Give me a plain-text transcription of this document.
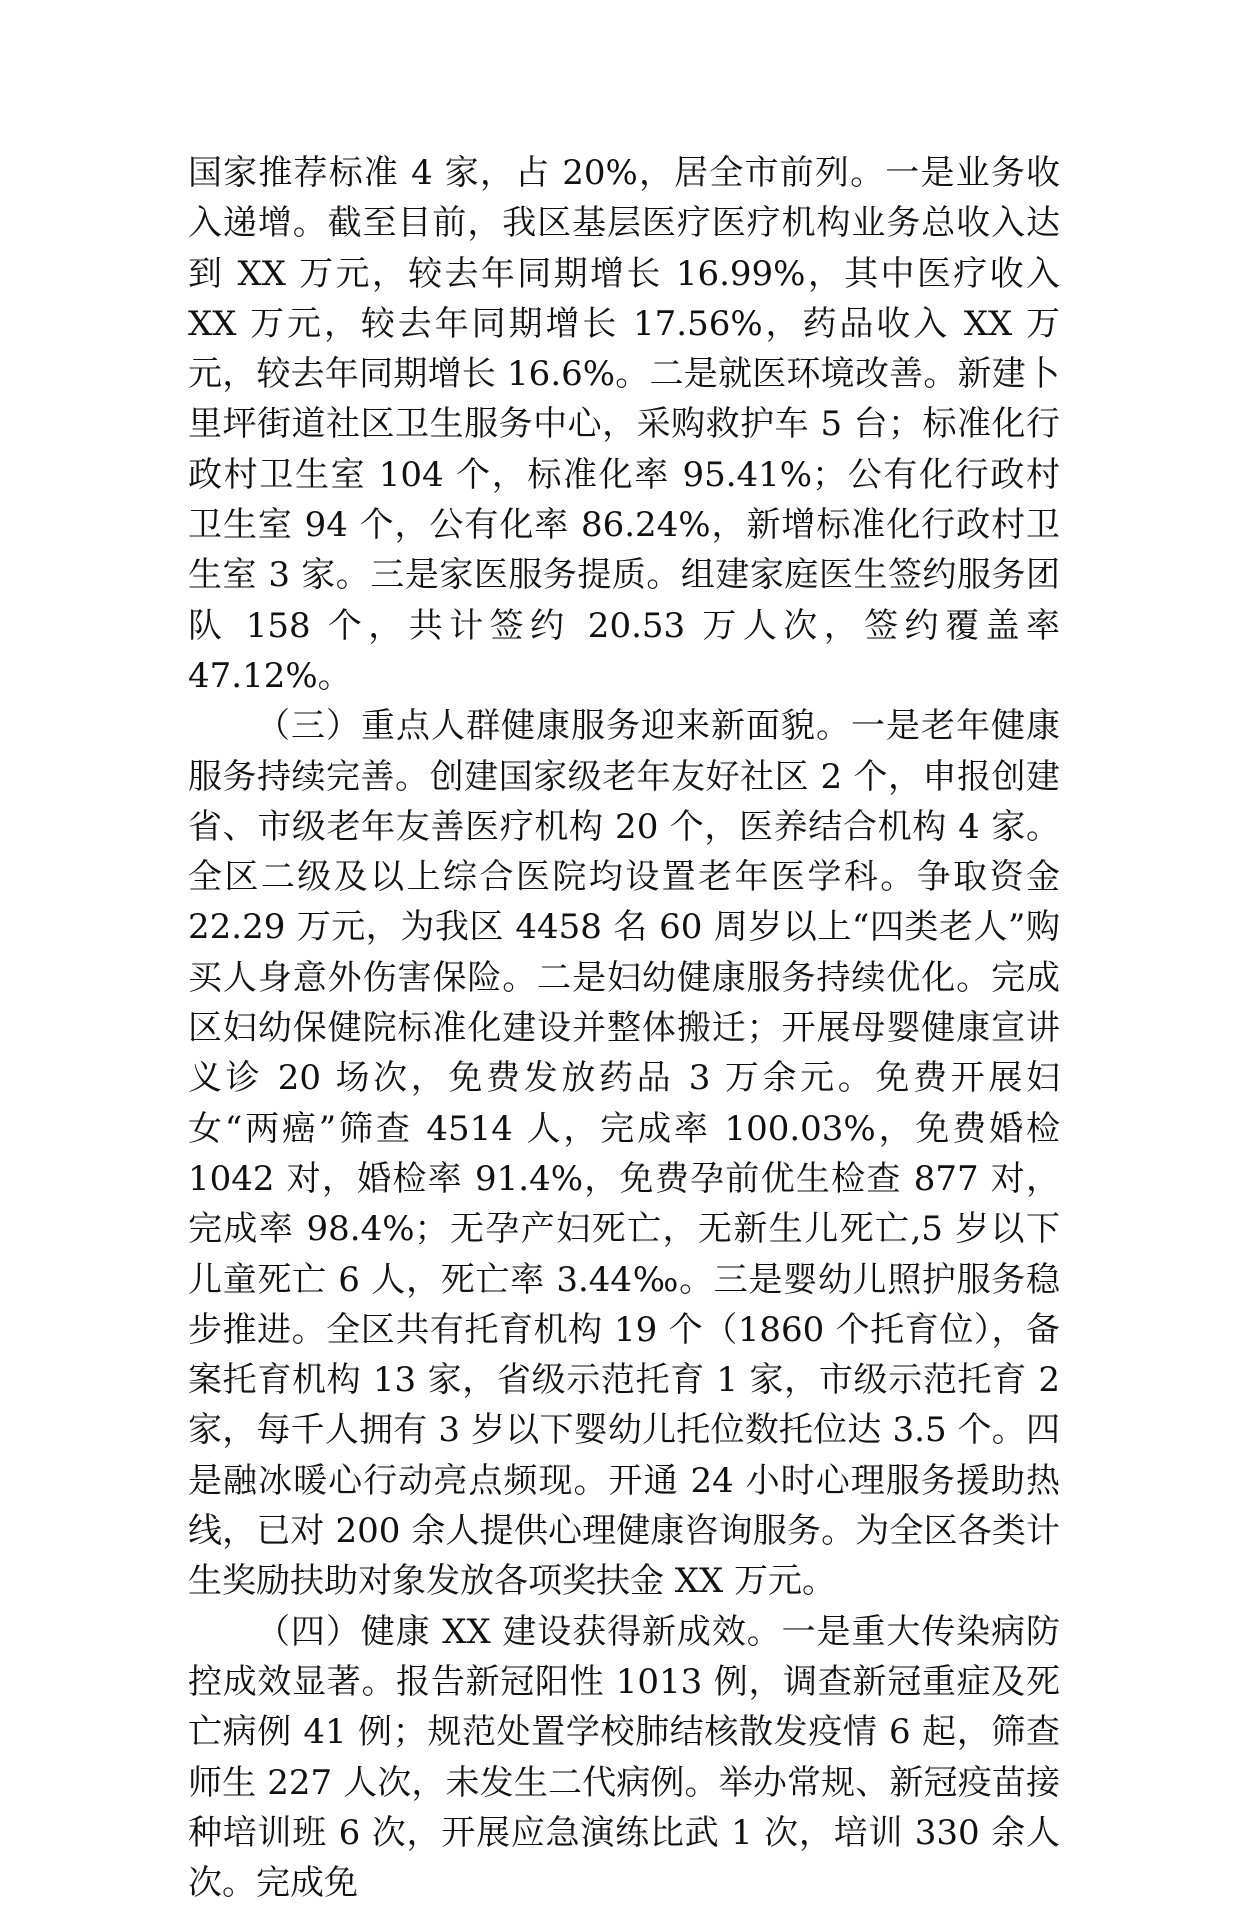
国家推荐标准 4 家，占 20%，居全市前列。一是业务收入递增。截至目前，我区基层医疗医疗机构业务总收入达到 XX 万元，较去年同期增长 16.99%，其中医疗收入 XX 万元，较去年同期增长 17.56%，药品收入 XX 万元，较去年同期增长 16.6%。二是就医环境改善。新建卜里坪街道社区卫生服务中心，采购救护车 5 台；标准化行政村卫生室 104 个，标准化率 95.41%；公有化行政村卫生室 94 个，公有化率 86.24%，新增标准化行政村卫生室 3 家。三是家医服务提质。组建家庭医生签约服务团队 158 个，共计签约 20.53 万人次，签约覆盖率 47.12%。

（三）重点人群健康服务迎来新面貌。一是老年健康服务持续完善。创建国家级老年友好社区 2 个，申报创建省、市级老年友善医疗机构 20 个，医养结合机构 4 家。全区二级及以上综合医院均设置老年医学科。争取资金 22.29 万元，为我区 4458 名 60 周岁以上“四类老人”购买人身意外伤害保险。二是妇幼健康服务持续优化。完成区妇幼保健院标准化建设并整体搬迁；开展母婴健康宣讲义诊 20 场次，免费发放药品 3 万余元。免费开展妇女“两癌”筛查 4514 人，完成率 100.03%，免费婚检 1042 对，婚检率 91.4%，免费孕前优生检查 877 对，完成率 98.4%；无孕产妇死亡，无新生儿死亡,5 岁以下儿童死亡 6 人，死亡率 3.44‰。三是婴幼儿照护服务稳步推进。全区共有托育机构 19 个（1860 个托育位），备案托育机构 13 家，省级示范托育 1 家，市级示范托育 2 家，每千人拥有 3 岁以下婴幼儿托位数托位达 3.5 个。四是融冰暖心行动亮点频现。开通 24 小时心理服务援助热线，已对 200 余人提供心理健康咨询服务。为全区各类计生奖励扶助对象发放各项奖扶金 XX 万元。

（四）健康 XX 建设获得新成效。一是重大传染病防控成效显著。报告新冠阳性 1013 例，调查新冠重症及死亡病例 41 例；规范处置学校肺结核散发疫情 6 起，筛查师生 227 人次，未发生二代病例。举办常规、新冠疫苗接种培训班 6 次，开展应急演练比武 1 次，培训 330 余人次。完成免
